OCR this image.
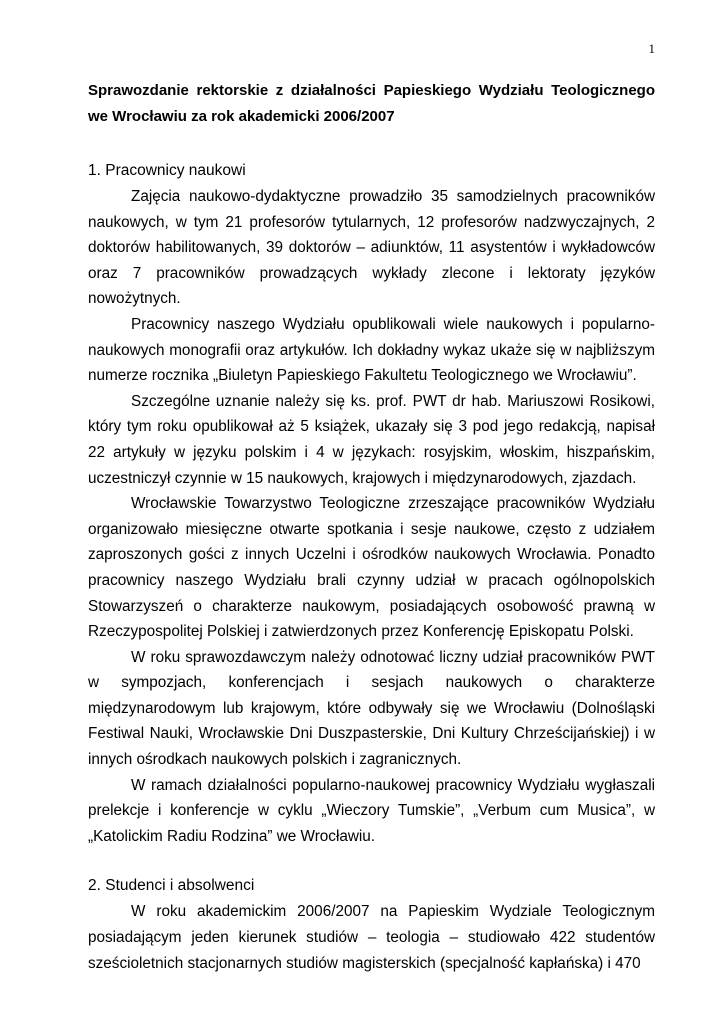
1

Sprawozdanie rektorskie z działalności Papieskiego Wydziału Teologicznego we Wrocławiu za rok akademicki 2006/2007

1. Pracownicy naukowi

Zajęcia naukowo-dydaktyczne prowadziło 35 samodzielnych pracowników naukowych, w tym 21 profesorów tytularnych, 12 profesorów nadzwyczajnych, 2 doktorów habilitowanych, 39 doktorów – adiunktów, 11 asystentów i wykładowców oraz 7 pracowników prowadzących wykłady zlecone i lektoraty języków nowożytnych.

Pracownicy naszego Wydziału opublikowali wiele naukowych i popularno-naukowych monografii oraz artykułów. Ich dokładny wykaz ukaże się w najbliższym numerze rocznika „Biuletyn Papieskiego Fakultetu Teologicznego we Wrocławiu”.

Szczególne uznanie należy się ks. prof. PWT dr hab. Mariuszowi Rosikowi, który tym roku opublikował aż 5 książek, ukazały się 3 pod jego redakcją, napisał 22 artykuły w języku polskim i 4 w językach: rosyjskim, włoskim, hiszpańskim, uczestniczył czynnie w 15 naukowych, krajowych i międzynarodowych, zjazdach.

Wrocławskie Towarzystwo Teologiczne zrzeszające pracowników Wydziału organizowało miesięczne otwarte spotkania i sesje naukowe, często z udziałem zaproszonych gości z innych Uczelni i ośrodków naukowych Wrocławia. Ponadto pracownicy naszego Wydziału brali czynny udział w pracach ogólnopolskich Stowarzyszeń o charakterze naukowym, posiadających osobowość prawną w Rzeczypospolitej Polskiej i zatwierdzonych przez Konferencję Episkopatu Polski.

W roku sprawozdawczym należy odnotować liczny udział pracowników PWT w sympozjach, konferencjach i sesjach naukowych o charakterze międzynarodowym lub krajowym, które odbywały się we Wrocławiu (Dolnośląski Festiwal Nauki, Wrocławskie Dni Duszpasterskie, Dni Kultury Chrześcijańskiej) i w innych ośrodkach naukowych polskich i zagranicznych.

W ramach działalności popularno-naukowej pracownicy Wydziału wygłaszali prelekcje i konferencje w cyklu „Wieczory Tumskie”, „Verbum cum Musica”, w „Katolickim Radiu Rodzina” we Wrocławiu.

2. Studenci i absolwenci

W roku akademickim 2006/2007 na Papieskim Wydziale Teologicznym posiadającym jeden kierunek studiów – teologia – studiowało 422 studentów sześcioletnich stacjonarnych studiów magisterskich (specjalność kapłańska) i 470
